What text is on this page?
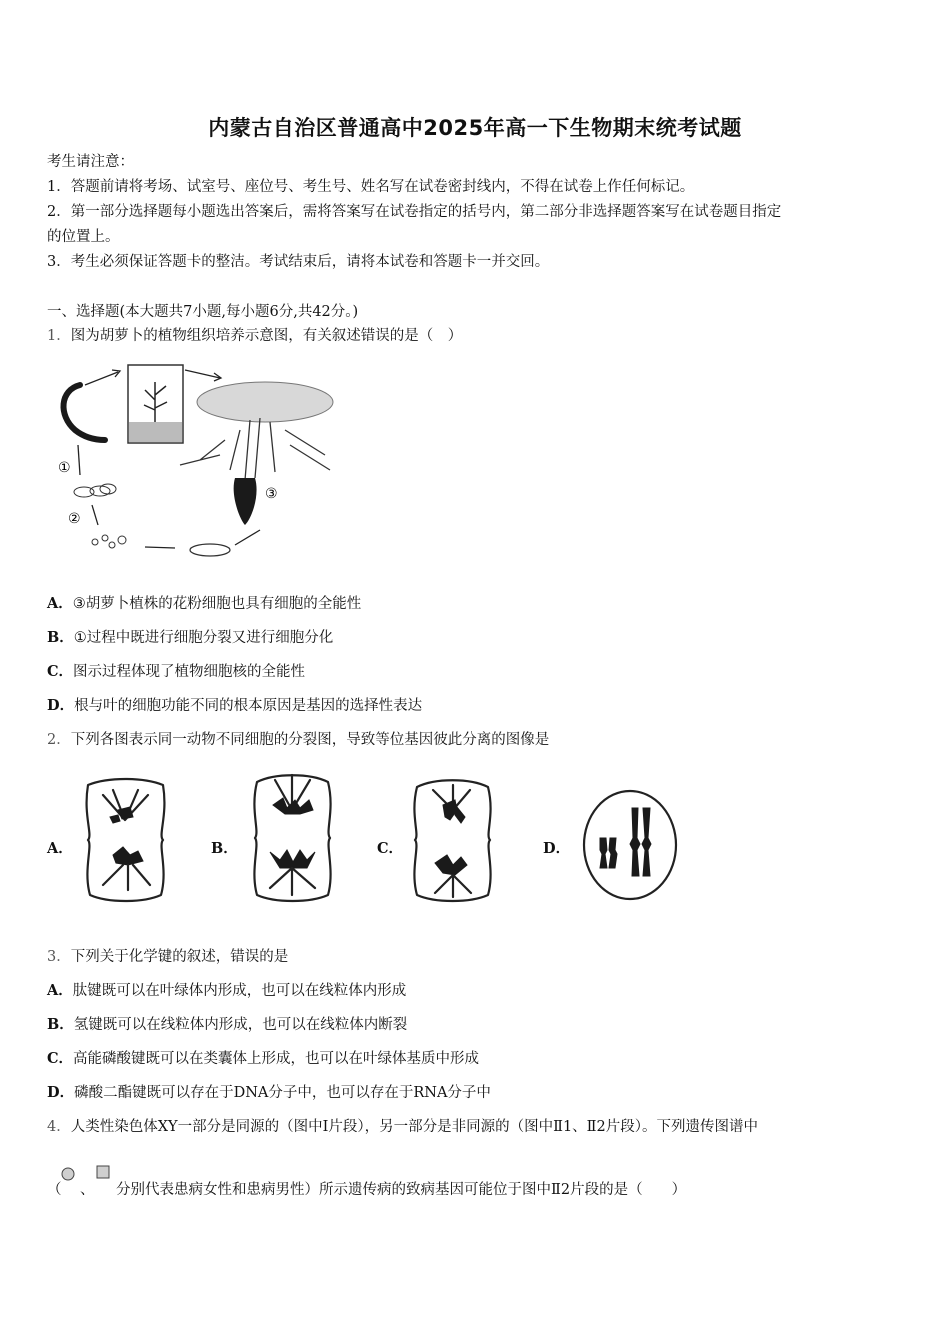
内蒙古自治区普通高中2025年高一下生物期末统考试题
考生请注意：
1．答题前请将考场、试室号、座位号、考生号、姓名写在试卷密封线内，不得在试卷上作任何标记。
2．第一部分选择题每小题选出答案后，需将答案写在试卷指定的括号内，第二部分非选择题答案写在试卷题目指定
的位置上。
3．考生必须保证答题卡的整洁。考试结束后，请将本试卷和答题卡一并交回。
一、选择题(本大题共7小题,每小题6分,共42分。)
1．图为胡萝卜的植物组织培养示意图，有关叙述错误的是（　）
③
①
②
A．③胡萝卜植株的花粉细胞也具有细胞的全能性
B．①过程中既进行细胞分裂又进行细胞分化
C．图示过程体现了植物细胞核的全能性
D．根与叶的细胞功能不同的根本原因是基因的选择性表达
2．下列各图表示同一动物不同细胞的分裂图，导致等位基因彼此分离的图像是
A．	B．	C．	D．
3．下列关于化学键的叙述，错误的是
A．肽键既可以在叶绿体内形成，也可以在线粒体内形成
B．氢键既可以在线粒体内形成，也可以在线粒体内断裂
C．高能磷酸键既可以在类囊体上形成，也可以在叶绿体基质中形成
D．磷酸二酯键既可以存在于DNA分子中，也可以存在于RNA分子中
4．人类性染色体XY一部分是同源的（图中Ⅰ片段），另一部分是非同源的（图中Ⅱ1、Ⅱ2片段）。下列遗传图谱中
（ 、 分别代表患病女性和患病男性）所示遗传病的致病基因可能位于图中Ⅱ2片段的是（　　）
